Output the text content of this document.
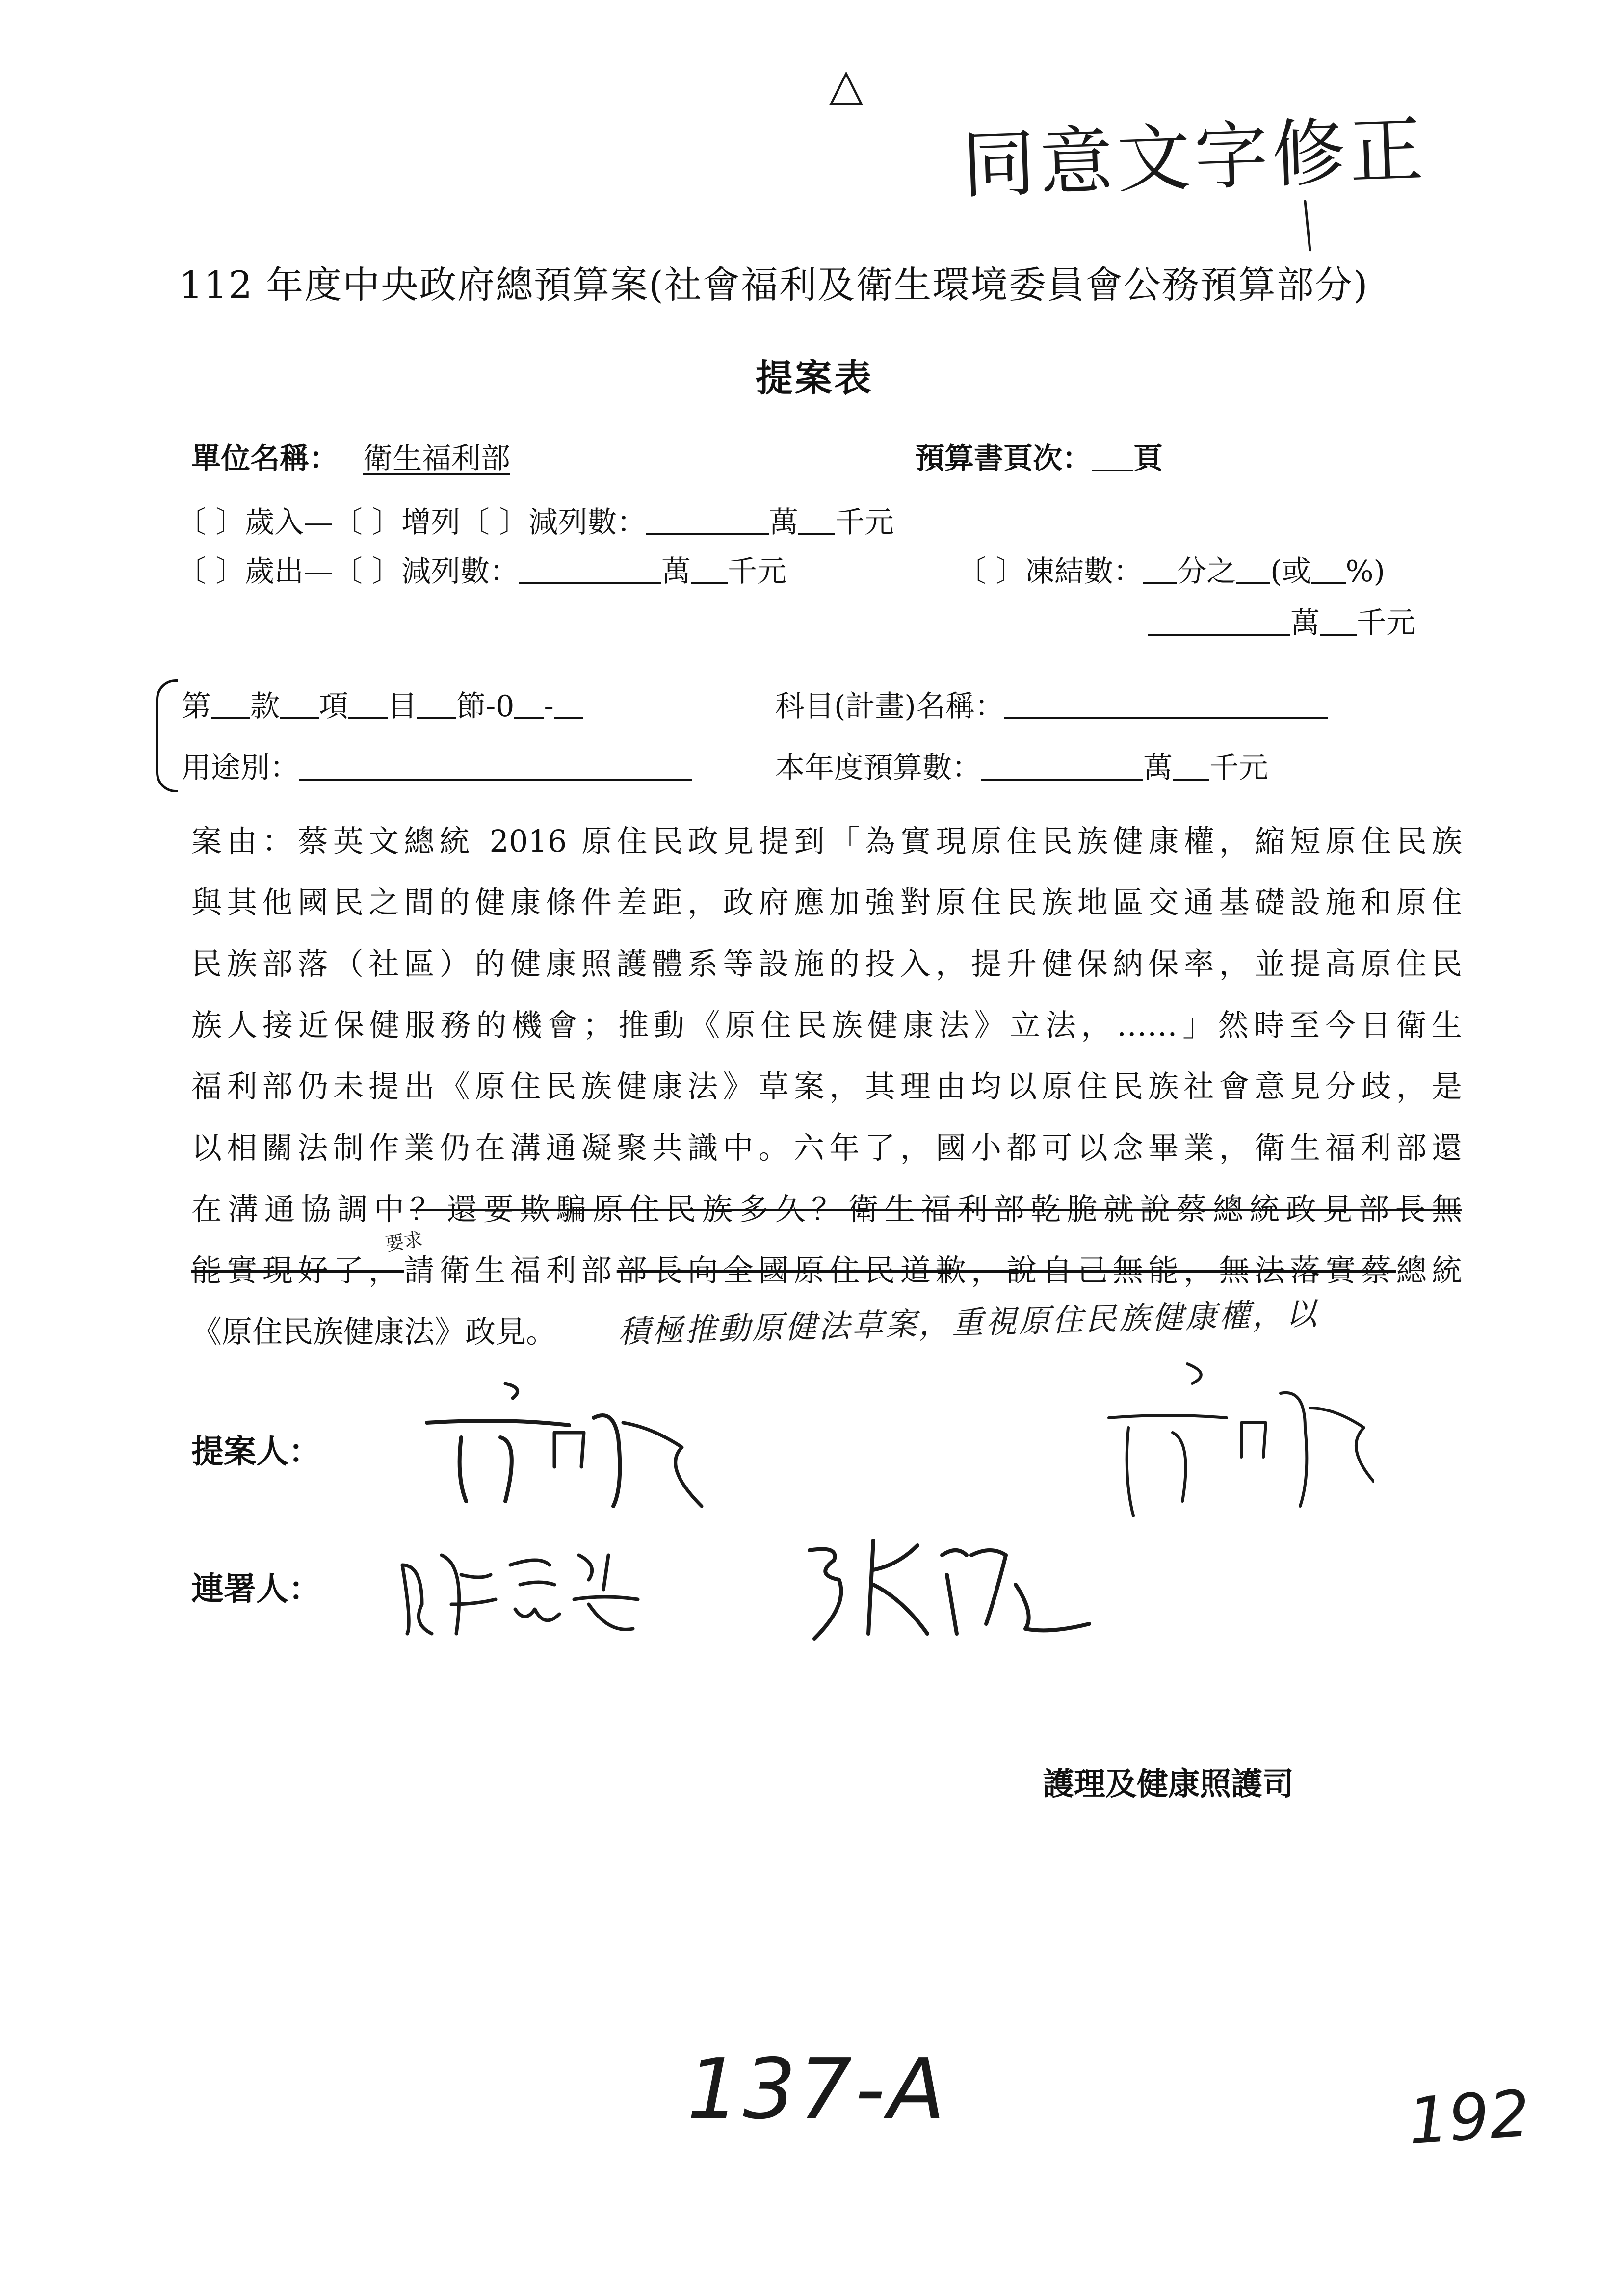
△
同意文字修正
112 年度中央政府總預算案(社會福利及衛生環境委員會公務預算部分)
提案表
單位名稱： 衛生福利部	預算書頁次： 頁
〔 〕歲入—〔 〕增列〔 〕減列數：	萬 千元
〔 〕歲出—〔 〕減列數：	萬 千元	〔 〕凍結數： 分之 (或 %)
萬 千元
第 款 項 目 節-0 -	科目(計畫)名稱：
用途別：	本年度預算數：	萬 千元
案由：蔡英文總統 2016 原住民政見提到「為實現原住民族健康權，縮短原住民族
與其他國民之間的健康條件差距，政府應加強對原住民族地區交通基礎設施和原住
民族部落（社區）的健康照護體系等設施的投入，提升健保納保率，並提高原住民
族人接近保健服務的機會；推動《原住民族健康法》立法，……」然時至今日衛生
福利部仍未提出《原住民族健康法》草案，其理由均以原住民族社會意見分歧，是
以相關法制作業仍在溝通凝聚共識中。六年了，國小都可以念畢業，衛生福利部還
在溝通協調中？還要欺騙原住民族多久？衛生福利部乾脆就說蔡總統政見部長無
要求
能實現好了，請衛生福利部部長向全國原住民道歉，說自己無能，無法落實蔡總統
《原住民族健康法》政見。 積極推動原健法草案，重視原住民族健康權，以
提案人：
連署人：
護理及健康照護司
137-A	192
